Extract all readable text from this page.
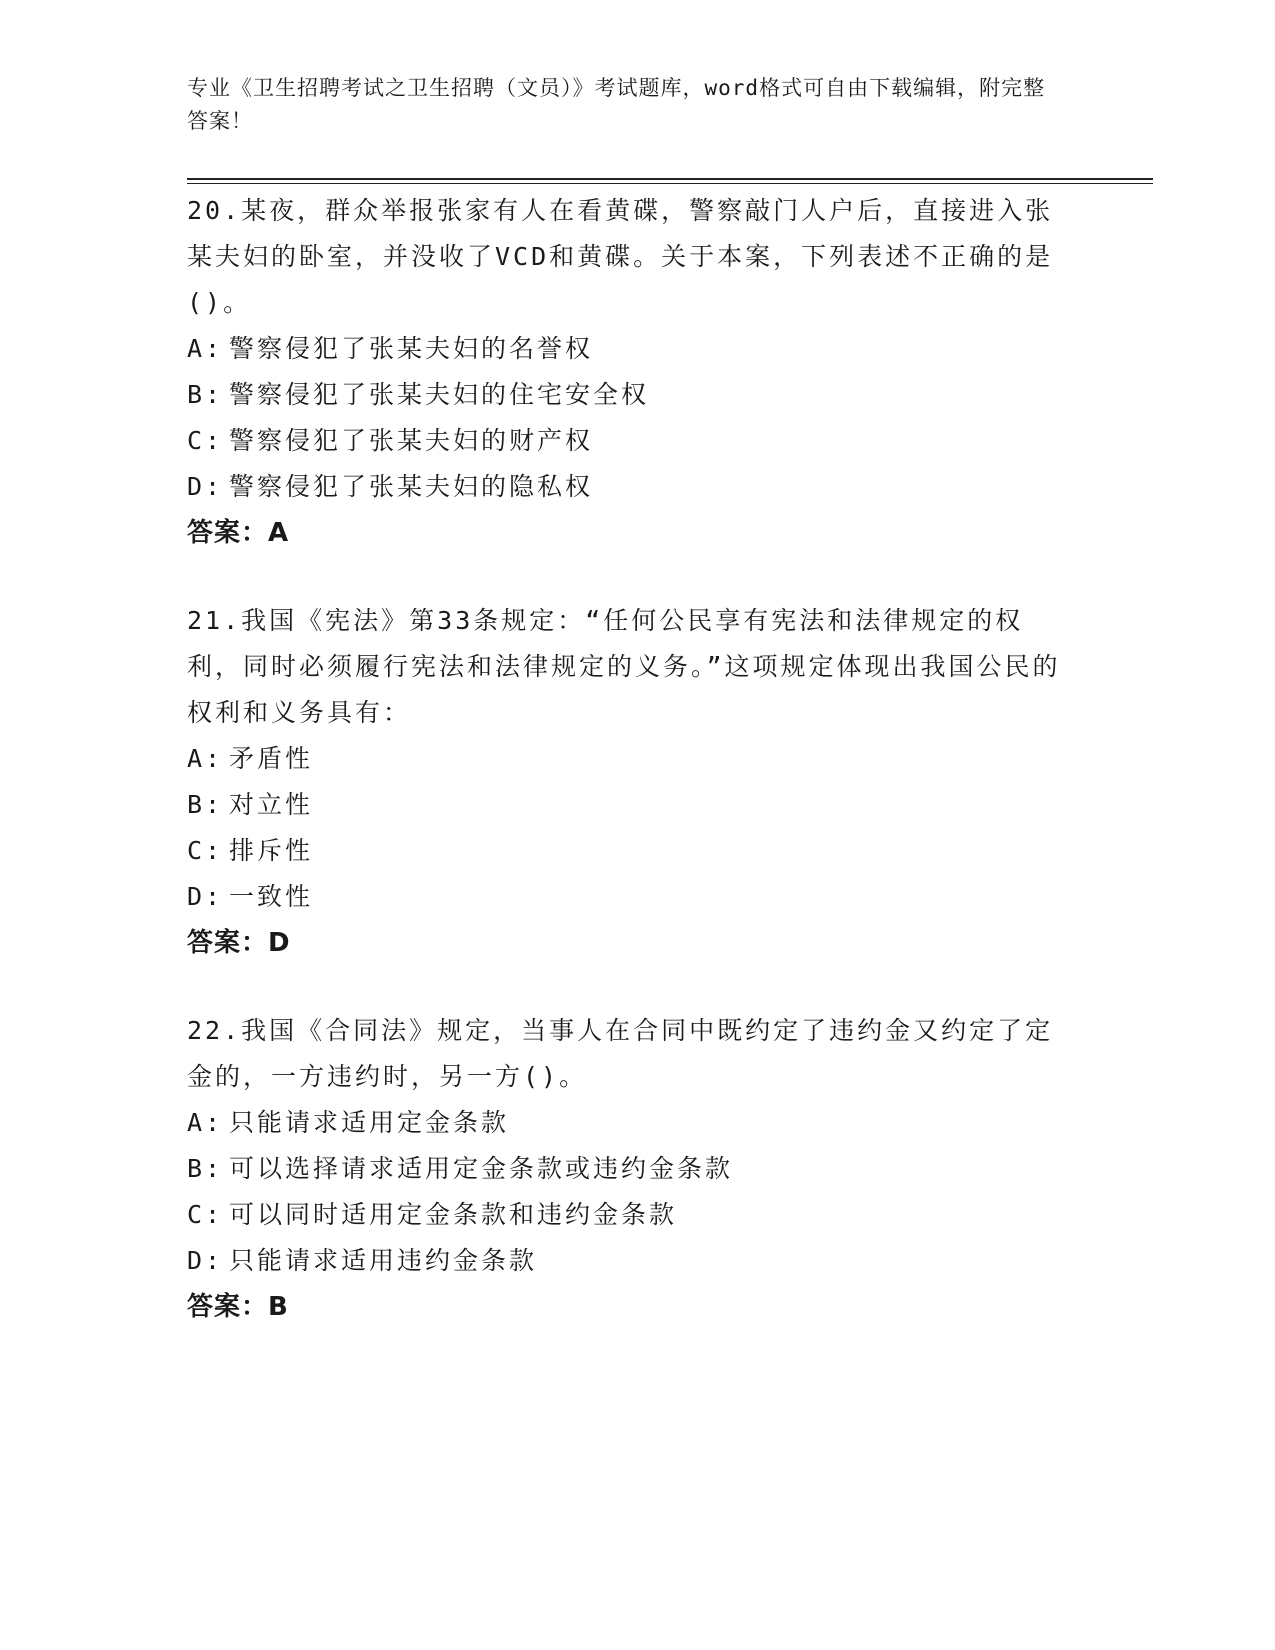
专业《卫生招聘考试之卫生招聘（文员）》考试题库，word格式可自由下载编辑，附完整答案！

20.某夜，群众举报张家有人在看黄碟，警察敲门人户后，直接进入张某夫妇的卧室，并没收了VCD和黄碟。关于本案，下列表述不正确的是()。

A: 警察侵犯了张某夫妇的名誉权

B: 警察侵犯了张某夫妇的住宅安全权

C: 警察侵犯了张某夫妇的财产权

D: 警察侵犯了张某夫妇的隐私权

答案：A

21.我国《宪法》第33条规定：“任何公民享有宪法和法律规定的权利，同时必须履行宪法和法律规定的义务。”这项规定体现出我国公民的权利和义务具有：

A: 矛盾性

B: 对立性

C: 排斥性

D: 一致性

答案：D

22.我国《合同法》规定，当事人在合同中既约定了违约金又约定了定金的，一方违约时，另一方()。

A: 只能请求适用定金条款

B: 可以选择请求适用定金条款或违约金条款

C: 可以同时适用定金条款和违约金条款

D: 只能请求适用违约金条款

答案：B
